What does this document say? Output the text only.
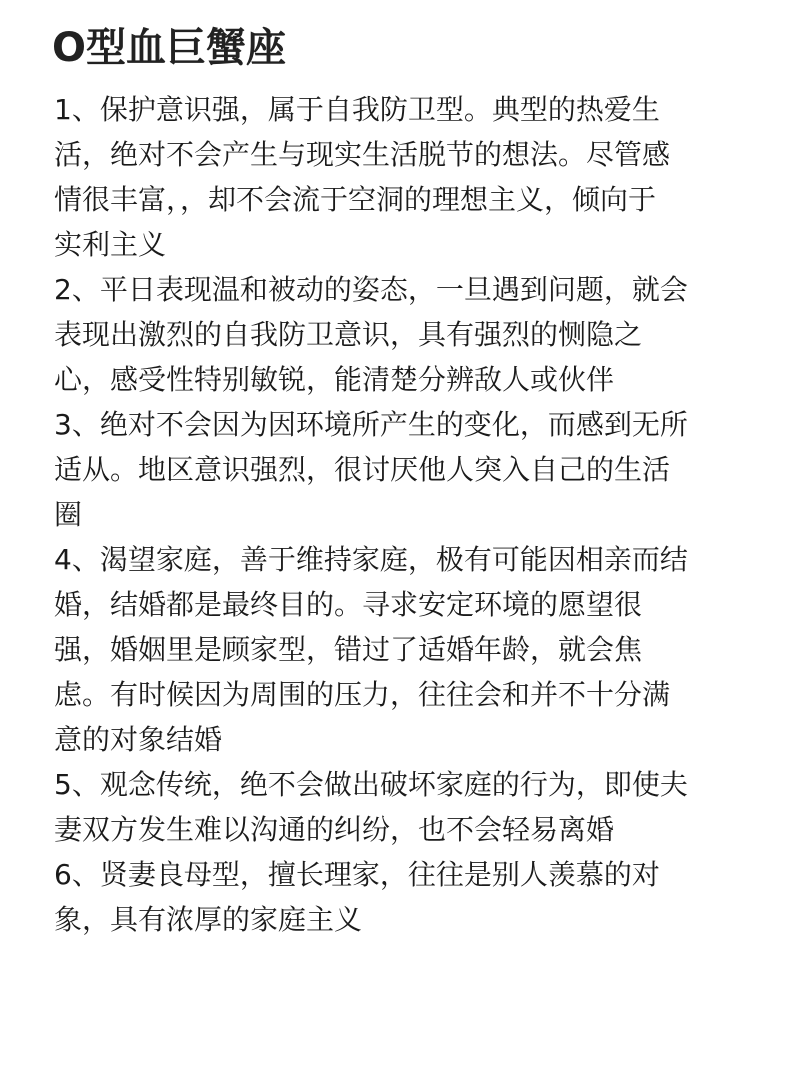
O型血巨蟹座
1、保护意识强，属于自我防卫型。典型的热爱生
活，绝对不会产生与现实生活脱节的想法。尽管感
情很丰富，，却不会流于空洞的理想主义，倾向于
实利主义
2、平日表现温和被动的姿态，一旦遇到问题，就会
表现出激烈的自我防卫意识，具有强烈的恻隐之
心，感受性特别敏锐，能清楚分辨敌人或伙伴
3、绝对不会因为因环境所产生的变化，而感到无所
适从。地区意识强烈，很讨厌他人突入自己的生活
圈
4、渴望家庭，善于维持家庭，极有可能因相亲而结
婚，结婚都是最终目的。寻求安定环境的愿望很
强，婚姻里是顾家型，错过了适婚年龄，就会焦
虑。有时候因为周围的压力，往往会和并不十分满
意的对象结婚
5、观念传统，绝不会做出破坏家庭的行为，即使夫
妻双方发生难以沟通的纠纷，也不会轻易离婚
6、贤妻良母型，擅长理家，往往是别人羡慕的对
象，具有浓厚的家庭主义
